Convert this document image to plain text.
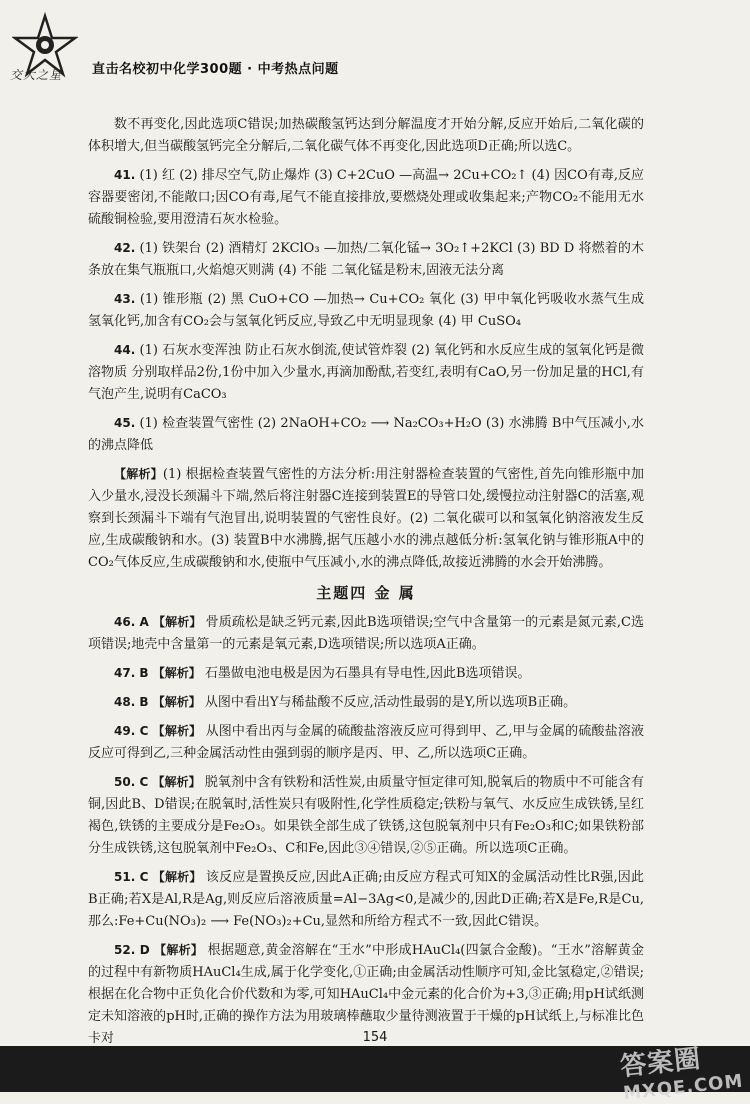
交大之星 直击名校初中化学300题 · 中考热点问题

数不再变化,因此选项C错误;加热碳酸氢钙达到分解温度才开始分解,反应开始后,二氧化碳的体积增大,但当碳酸氢钙完全分解后,二氧化碳气体不再变化,因此选项D正确;所以选C。

41. (1) 红 (2) 排尽空气,防止爆炸 (3) C+2CuO —高温→ 2Cu+CO₂↑ (4) 因CO有毒,反应容器要密闭,不能敞口;因CO有毒,尾气不能直接排放,要燃烧处理或收集起来;产物CO₂不能用无水硫酸铜检验,要用澄清石灰水检验。

42. (1) 铁架台 (2) 酒精灯 2KClO₃ —加热/二氧化锰→ 3O₂↑+2KCl (3) BD D 将燃着的木条放在集气瓶瓶口,火焰熄灭则满 (4) 不能 二氧化锰是粉末,固液无法分离

43. (1) 锥形瓶 (2) 黑 CuO+CO —加热→ Cu+CO₂ 氧化 (3) 甲中氧化钙吸收水蒸气生成氢氧化钙,加含有CO₂会与氢氧化钙反应,导致乙中无明显现象 (4) 甲 CuSO₄

44. (1) 石灰水变浑浊 防止石灰水倒流,使试管炸裂 (2) 氧化钙和水反应生成的氢氧化钙是微溶物质 分别取样品2份,1份中加入少量水,再滴加酚酞,若变红,表明有CaO,另一份加足量的HCl,有气泡产生,说明有CaCO₃

45. (1) 检查装置气密性 (2) 2NaOH+CO₂ ⟶ Na₂CO₃+H₂O (3) 水沸腾 B中气压减小,水的沸点降低

【解析】(1) 根据检查装置气密性的方法分析:用注射器检查装置的气密性,首先向锥形瓶中加入少量水,浸没长颈漏斗下端,然后将注射器C连接到装置E的导管口处,缓慢拉动注射器C的活塞,观察到长颈漏斗下端有气泡冒出,说明装置的气密性良好。(2) 二氧化碳可以和氢氧化钠溶液发生反应,生成碳酸钠和水。(3) 装置B中水沸腾,据气压越小水的沸点越低分析:氢氧化钠与锥形瓶A中的CO₂气体反应,生成碳酸钠和水,使瓶中气压减小,水的沸点降低,故接近沸腾的水会开始沸腾。

主题四 金 属

46. A 【解析】 骨质疏松是缺乏钙元素,因此B选项错误;空气中含量第一的元素是氮元素,C选项错误;地壳中含量第一的元素是氧元素,D选项错误;所以选项A正确。

47. B 【解析】 石墨做电池电极是因为石墨具有导电性,因此B选项错误。

48. B 【解析】 从图中看出Y与稀盐酸不反应,活动性最弱的是Y,所以选项B正确。

49. C 【解析】 从图中看出丙与金属的硫酸盐溶液反应可得到甲、乙,甲与金属的硫酸盐溶液反应可得到乙,三种金属活动性由强到弱的顺序是丙、甲、乙,所以选项C正确。

50. C 【解析】 脱氧剂中含有铁粉和活性炭,由质量守恒定律可知,脱氧后的物质中不可能含有铜,因此B、D错误;在脱氧时,活性炭只有吸附性,化学性质稳定;铁粉与氧气、水反应生成铁锈,呈红褐色,铁锈的主要成分是Fe₂O₃。如果铁全部生成了铁锈,这包脱氧剂中只有Fe₂O₃和C;如果铁粉部分生成铁锈,这包脱氧剂中Fe₂O₃、C和Fe,因此③④错误,②⑤正确。所以选项C正确。

51. C 【解析】 该反应是置换反应,因此A正确;由反应方程式可知X的金属活动性比R强,因此B正确;若X是Al,R是Ag,则反应后溶液质量=Al−3Ag<0,是减少的,因此D正确;若X是Fe,R是Cu,那么:Fe+Cu(NO₃)₂ ⟶ Fe(NO₃)₂+Cu,显然和所给方程式不一致,因此C错误。

52. D 【解析】 根据题意,黄金溶解在“王水”中形成HAuCl₄(四氯合金酸)。“王水”溶解黄金的过程中有新物质HAuCl₄生成,属于化学变化,①正确;由金属活动性顺序可知,金比氢稳定,②错误;根据在化合物中正负化合价代数和为零,可知HAuCl₄中金元素的化合价为+3,③正确;用pH试纸测定未知溶液的pH时,正确的操作方法为用玻璃棒蘸取少量待测液置于干燥的pH试纸上,与标准比色卡对	154
答案圈
MXQE.COM
